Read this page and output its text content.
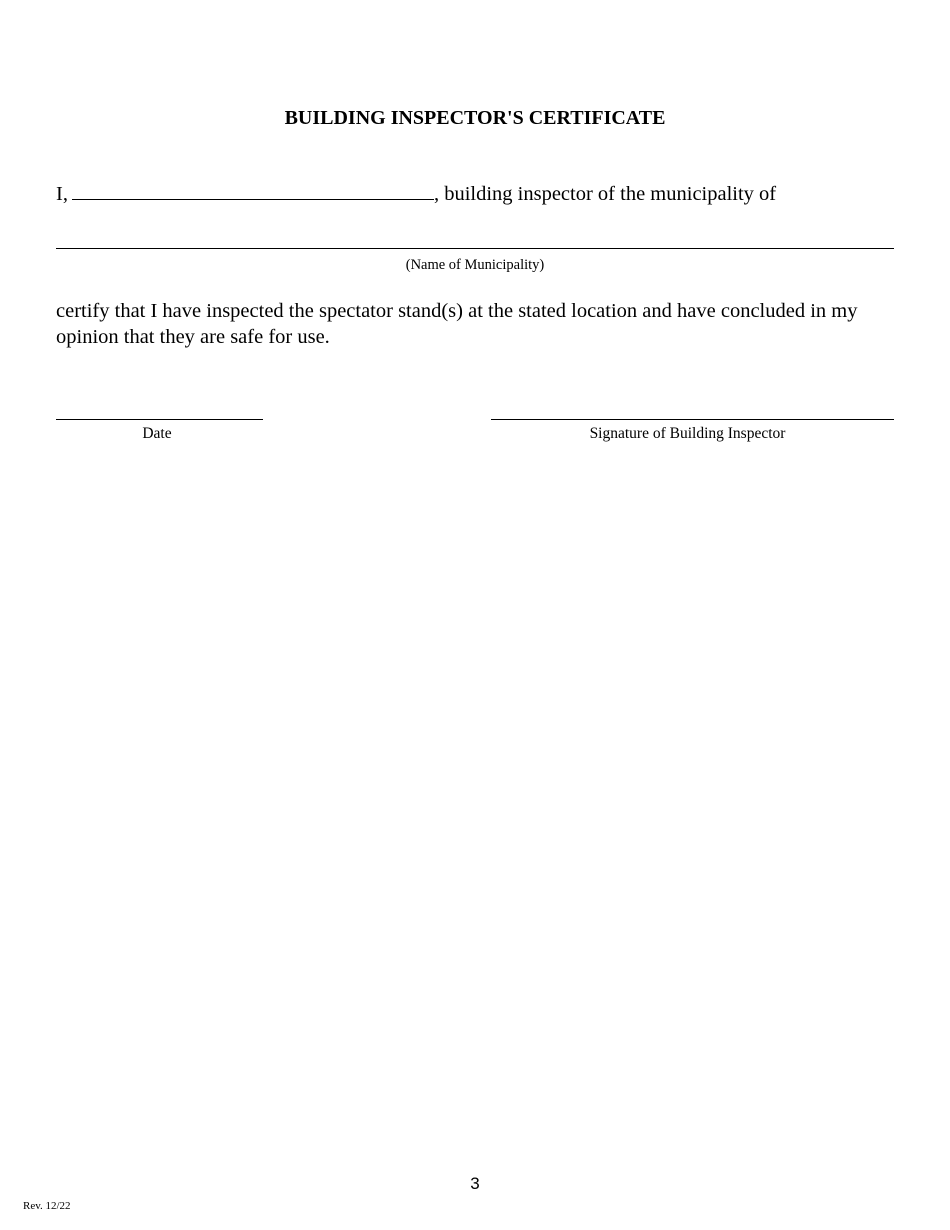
BUILDING INSPECTOR'S CERTIFICATE
I,	, building inspector of the municipality of
(Name of Municipality)
certify that I have inspected the spectator stand(s) at the stated location and have concluded in my opinion that they are safe for use.
Date	Signature of Building Inspector
3
Rev. 12/22
